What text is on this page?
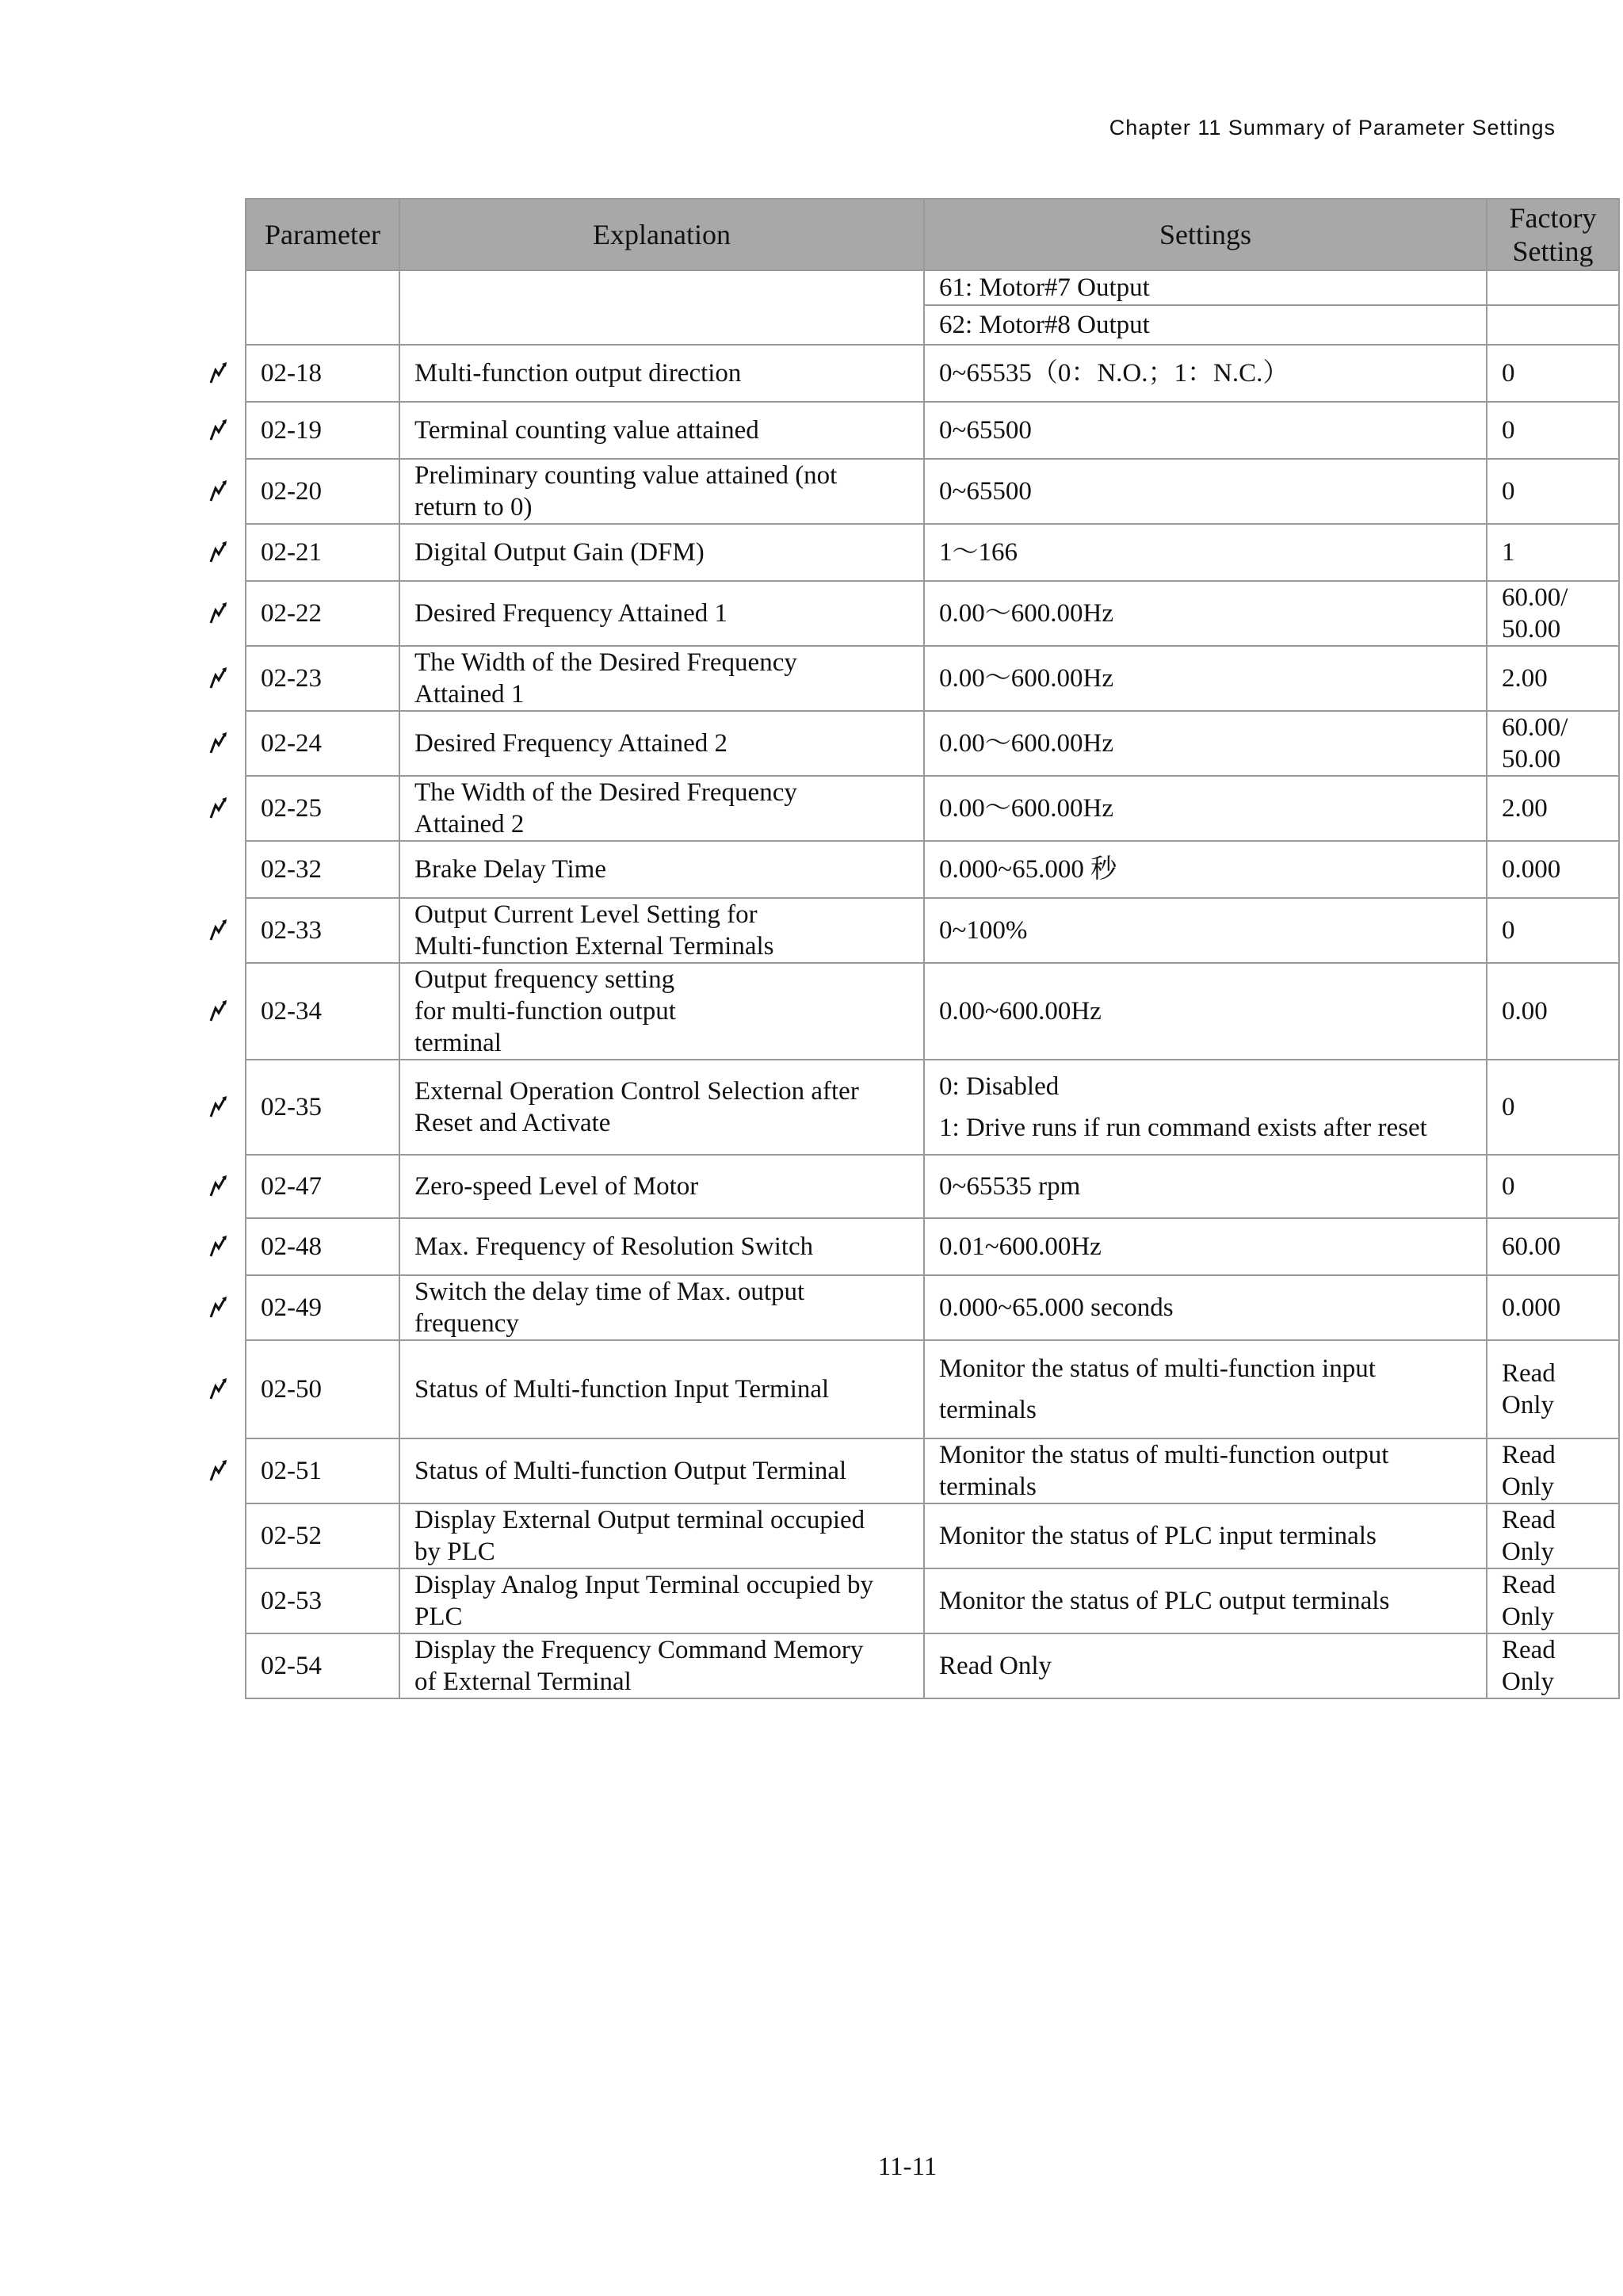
Chapter 11 Summary of Parameter Settings
Parameter	Explanation	Settings	Factory
Setting

		61: Motor#7 Output	
		62: Motor#8 Output	

02-18	Multi-function output direction	0~65535（0：N.O.；1：N.C.）	0

02-19	Terminal counting value attained	0~65500	0

02-20	Preliminary counting value attained (not
return to 0)	0~65500	0

02-21	Digital Output Gain (DFM)	1～166	1

02-22	Desired Frequency Attained 1	0.00～600.00Hz	60.00/
50.00

02-23	The Width of the Desired Frequency
Attained 1	0.00～600.00Hz	2.00

02-24	Desired Frequency Attained 2	0.00～600.00Hz	60.00/
50.00

02-25	The Width of the Desired Frequency
Attained 2	0.00～600.00Hz	2.00

02-32	Brake Delay Time	0.000~65.000 秒	0.000

02-33	Output Current Level Setting for
Multi-function External Terminals	0~100%	0

02-34	Output frequency setting
for multi-function output
terminal	0.00~600.00Hz	0.00

02-35	External Operation Control Selection after
Reset and Activate	0: Disabled
1: Drive runs if run command exists after reset	0

02-47	Zero-speed Level of Motor	0~65535 rpm	0

02-48	Max. Frequency of Resolution Switch	0.01~600.00Hz	60.00

02-49	Switch the delay time of Max. output
frequency	0.000~65.000 seconds	0.000

02-50	Status of Multi-function Input Terminal	Monitor the status of multi-function input
terminals	Read
Only

02-51	Status of Multi-function Output Terminal	Monitor the status of multi-function output
terminals	Read
Only

02-52	Display External Output terminal occupied
by PLC	Monitor the status of PLC input terminals	Read
Only

02-53	Display Analog Input Terminal occupied by
PLC	Monitor the status of PLC output terminals	Read
Only

02-54	Display the Frequency Command Memory
of External Terminal	Read Only	Read
Only
11-11
